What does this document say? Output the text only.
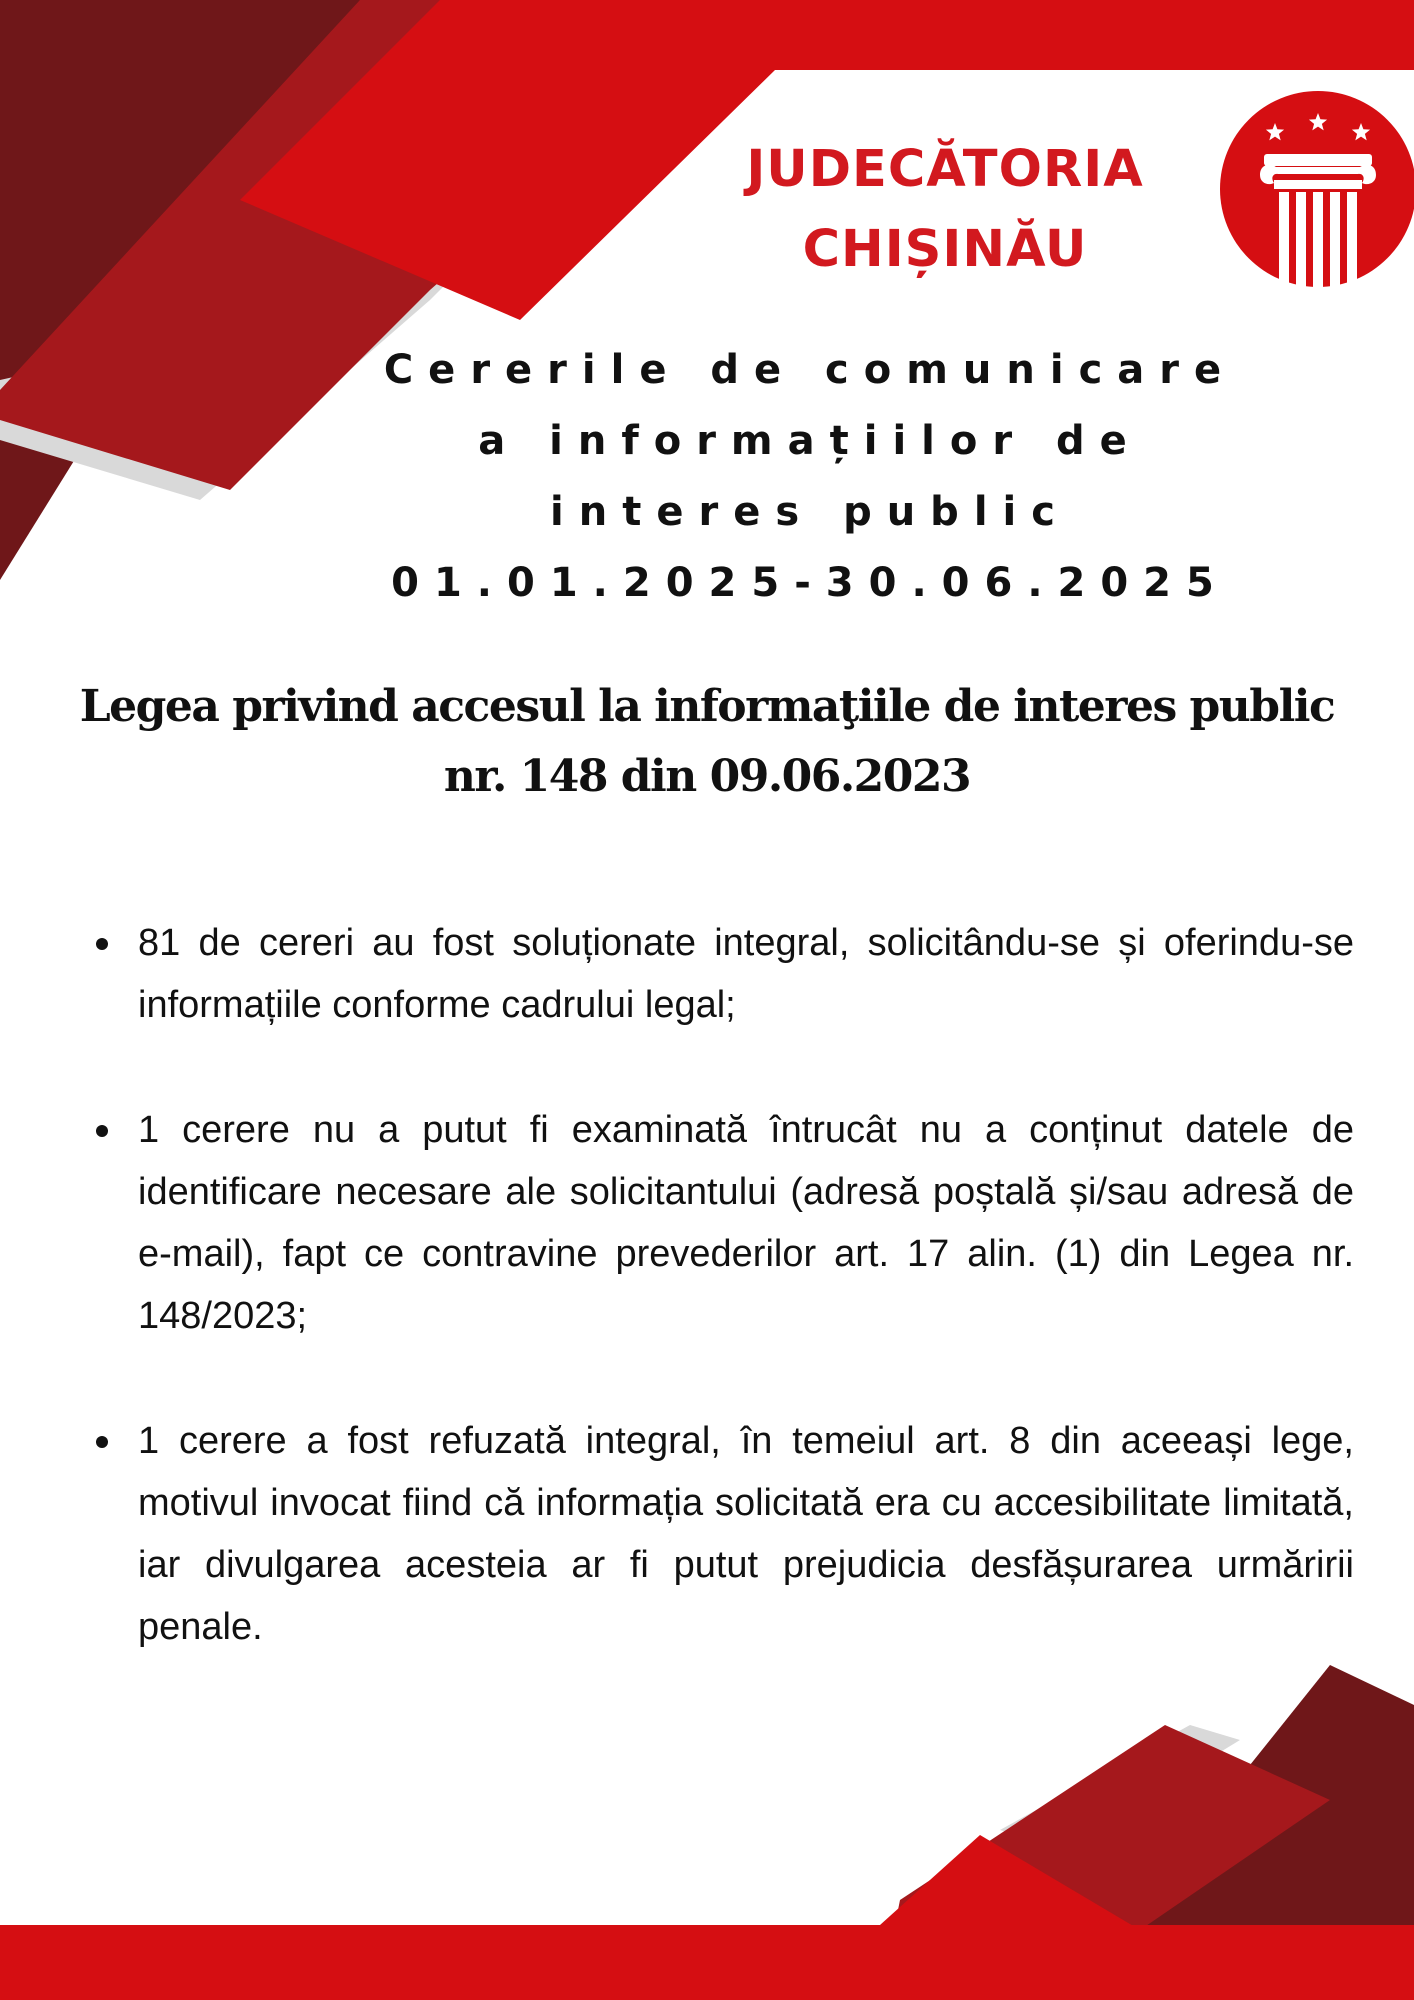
JUDECĂTORIA
CHIȘINĂU
Cererile de comunicare
a informațiilor de
interes public
01.01.2025-30.06.2025
Legea privind accesul la informaţiile de interes public
nr. 148 din 09.06.2023
81 de cereri au fost soluționate integral, solicitându-se și oferindu-se informațiile conforme cadrului legal;
1 cerere nu a putut fi examinată întrucât nu a conținut datele de identificare necesare ale solicitantului (adresă poștală și/sau adresă de e-mail), fapt ce contravine prevederilor art. 17 alin. (1) din Legea nr. 148/2023;
1 cerere a fost refuzată integral, în temeiul art. 8 din aceeași lege, motivul invocat fiind că informația solicitată era cu accesibilitate limitată, iar divulgarea acesteia ar fi putut prejudicia desfășurarea urmăririi penale.
